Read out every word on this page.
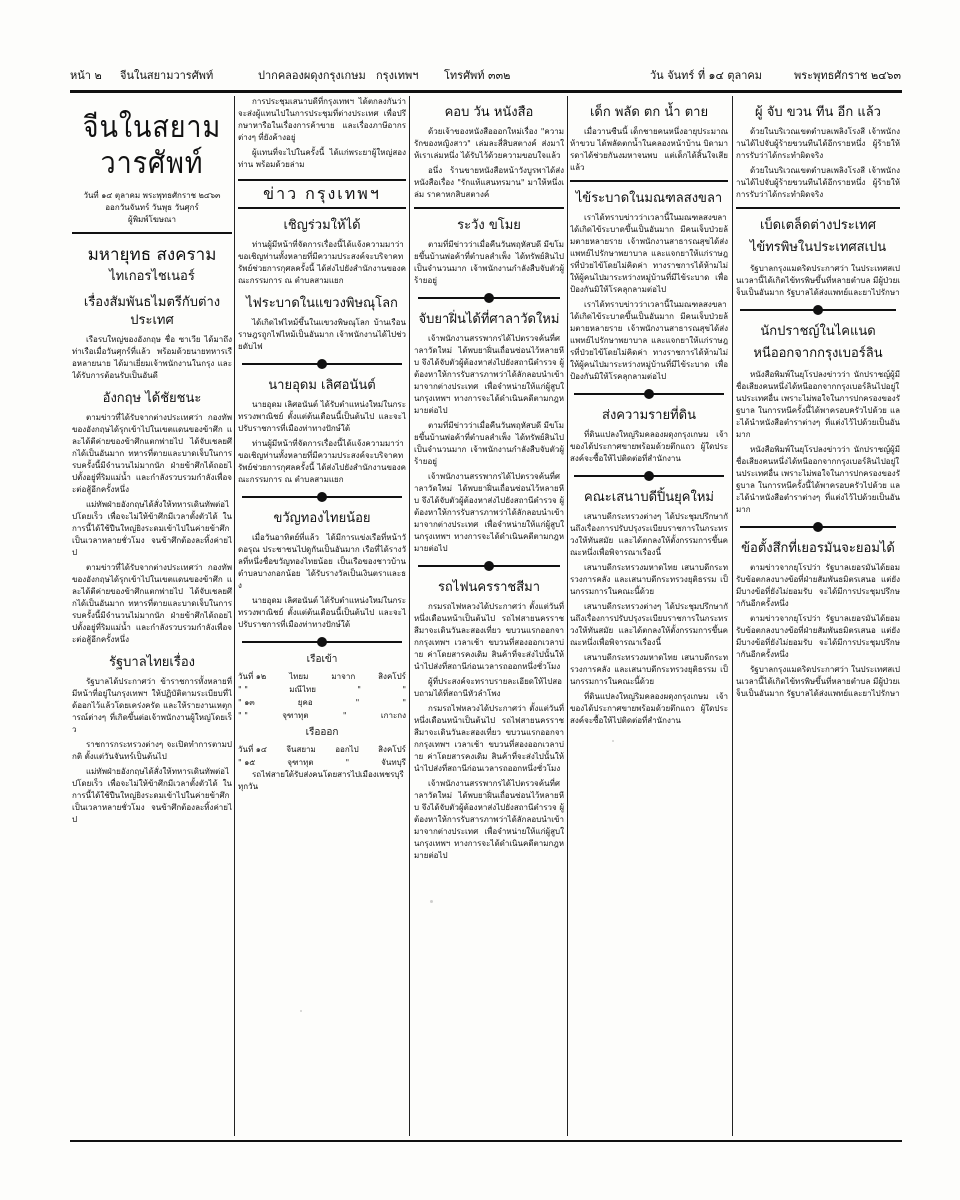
หน้า ๒ จีนในสยามวารศัพท์	ปากคลองผดุงกรุงเกษม กรุงเทพฯ โทรศัพท์ ๓๓๒	วัน จันทร์ ที่ ๑๔ ตุลาคม	พระพุทธศักราช ๒๔๖๓
จีนในสยามวารศัพท์
วันที่ ๑๔ ตุลาคม พระพุทธศักราช ๒๔๖๓
ออกวันจันทร์ วันพุธ วันศุกร์
ผู้พิมพ์โฆษณา
มหายุทธ สงคราม
ไทเกอรไชเนอร์
เรื่องสัมพันธไมตรีกับต่างประเทศ

เรือรบใหญ่ของอังกฤษ ชื่อ ซาเวีย ได้มาถึงท่าเรือเมื่อวันศุกร์ที่แล้ว พร้อมด้วยนายทหารเรือหลายนาย ได้มาเยี่ยมเจ้าพนักงานในกรุง และได้รับการต้อนรับเป็นอันดี

อังกฤษ ได้ชัยชนะ

ตามข่าวที่ได้รับจากต่างประเทศว่า กองทัพของอังกฤษได้รุกเข้าไปในเขตแดนของข้าศึก และได้ตีค่ายของข้าศึกแตกพ่ายไป ได้จับเชลยศึกได้เป็นอันมาก ทหารที่ตายและบาดเจ็บในการรบครั้งนี้มีจำนวนไม่มากนัก ฝ่ายข้าศึกได้ถอยไปตั้งอยู่ที่ริมแม่น้ำ และกำลังรวบรวมกำลังเพื่อจะต่อสู้อีกครั้งหนึ่ง

แม่ทัพฝ่ายอังกฤษได้สั่งให้ทหารเดินทัพต่อไปโดยเร็ว เพื่อจะไม่ให้ข้าศึกมีเวลาตั้งตัวได้ ในการนี้ได้ใช้ปืนใหญ่ยิงระดมเข้าไปในค่ายข้าศึกเป็นเวลาหลายชั่วโมง จนข้าศึกต้องละทิ้งค่ายไป

ตามข่าวที่ได้รับจากต่างประเทศว่า กองทัพของอังกฤษได้รุกเข้าไปในเขตแดนของข้าศึก และได้ตีค่ายของข้าศึกแตกพ่ายไป ได้จับเชลยศึกได้เป็นอันมาก ทหารที่ตายและบาดเจ็บในการรบครั้งนี้มีจำนวนไม่มากนัก ฝ่ายข้าศึกได้ถอยไปตั้งอยู่ที่ริมแม่น้ำ และกำลังรวบรวมกำลังเพื่อจะต่อสู้อีกครั้งหนึ่ง

รัฐบาลไทยเรื่อง

รัฐบาลได้ประกาศว่า ข้าราชการทั้งหลายที่มีหน้าที่อยู่ในกรุงเทพฯ ให้ปฏิบัติตามระเบียบที่ได้ออกไว้แล้วโดยเคร่งครัด และให้รายงานเหตุการณ์ต่างๆ ที่เกิดขึ้นต่อเจ้าพนักงานผู้ใหญ่โดยเร็ว

ราชการกระทรวงต่างๆ จะเปิดทำการตามปกติ ตั้งแต่วันจันทร์เป็นต้นไป

แม่ทัพฝ่ายอังกฤษได้สั่งให้ทหารเดินทัพต่อไปโดยเร็ว เพื่อจะไม่ให้ข้าศึกมีเวลาตั้งตัวได้ ในการนี้ได้ใช้ปืนใหญ่ยิงระดมเข้าไปในค่ายข้าศึกเป็นเวลาหลายชั่วโมง จนข้าศึกต้องละทิ้งค่ายไป

การประชุมเสนาบดีที่กรุงเทพฯ ได้ตกลงกันว่า จะส่งผู้แทนไปในการประชุมที่ต่างประเทศ เพื่อปรึกษาหารือในเรื่องการค้าขาย และเรื่องภาษีอากรต่างๆ ที่ยังค้างอยู่

ผู้แทนที่จะไปในครั้งนี้ ได้แก่พระยาผู้ใหญ่สองท่าน พร้อมด้วยล่าม

ข่าว กรุงเทพฯ
เชิญร่วมให้ได้

ท่านผู้มีหน้าที่จัดการเรื่องนี้ได้แจ้งความมาว่า ขอเชิญท่านทั้งหลายที่มีความประสงค์จะบริจาคทรัพย์ช่วยการกุศลครั้งนี้ ได้ส่งไปยังสำนักงานของคณะกรรมการ ณ ตำบลสามแยก

ไฟระบาดในแขวงพิษณุโลก

ได้เกิดไฟไหม้ขึ้นในแขวงพิษณุโลก บ้านเรือนราษฎรถูกไฟไหม้เป็นอันมาก เจ้าพนักงานได้ไปช่วยดับไฟ

นายอุดม เลิศอนันต์

นายอุดม เลิศอนันต์ ได้รับตำแหน่งใหม่ในกระทรวงพาณิชย์ ตั้งแต่ต้นเดือนนี้เป็นต้นไป และจะไปรับราชการที่เมืองท่าทางปักษ์ใต้

ท่านผู้มีหน้าที่จัดการเรื่องนี้ได้แจ้งความมาว่า ขอเชิญท่านทั้งหลายที่มีความประสงค์จะบริจาคทรัพย์ช่วยการกุศลครั้งนี้ ได้ส่งไปยังสำนักงานของคณะกรรมการ ณ ตำบลสามแยก

ขวัญทองไทยน้อย

เมื่อวันอาทิตย์ที่แล้ว ได้มีการแข่งเรือที่หน้าวัดอรุณ ประชาชนไปดูกันเป็นอันมาก เรือที่ได้รางวัลที่หนึ่งชื่อขวัญทองไทยน้อย เป็นเรือของชาวบ้านตำบลบางกอกน้อย ได้รับรางวัลเป็นเงินตราและธง

นายอุดม เลิศอนันต์ ได้รับตำแหน่งใหม่ในกระทรวงพาณิชย์ ตั้งแต่ต้นเดือนนี้เป็นต้นไป และจะไปรับราชการที่เมืองท่าทางปักษ์ใต้

เรือเข้า
วันที่ ๑๒	ไทยม	มาจาก	สิงคโปร์
" "	มณีไทย	"	"
" ๑๓	ยุคอ	"	"
" "	จุฑาทุต	"	เกาะกง
เรือออก
วันที่ ๑๔ จีนสยาม ออกไป สิงคโปร์
" ๑๕	จุฑาทุต	"	จันทบุรี

รถไฟสายใต้รับส่งคนโดยสารไปเมืองเพชรบุรี ทุกวัน

คอบ วัน หนังสือ

ด้วยเจ้าของหนังสือออกใหม่เรื่อง "ความรักของหญิงสาว" เล่มละสี่สิบสตางค์ ส่งมาให้เราเล่มหนึ่ง ได้รับไว้ด้วยความขอบใจแล้ว

อนึ่ง ร้านขายหนังสือหน้าวังบูรพาได้ส่งหนังสือเรื่อง "รักแท้แสนทรมาน" มาให้หนึ่งเล่ม ราคาหกสิบสตางค์

ระวัง ขโมย

ตามที่มีข่าวว่าเมื่อคืนวันพฤหัสบดี มีขโมยขึ้นบ้านพ่อค้าที่ตำบลสำเพ็ง ได้ทรัพย์สินไปเป็นจำนวนมาก เจ้าพนักงานกำลังสืบจับตัวผู้ร้ายอยู่

จับยาฝิ่นได้ที่ศาลาวัดใหม่

เจ้าพนักงานสรรพากรได้ไปตรวจค้นที่ศาลาวัดใหม่ ได้พบยาฝิ่นเถื่อนซ่อนไว้หลายหีบ จึงได้จับตัวผู้ต้องหาส่งไปยังสถานีตำรวจ ผู้ต้องหาให้การรับสารภาพว่าได้ลักลอบนำเข้ามาจากต่างประเทศ เพื่อจำหน่ายให้แก่ผู้สูบในกรุงเทพฯ ทางการจะได้ดำเนินคดีตามกฎหมายต่อไป

ตามที่มีข่าวว่าเมื่อคืนวันพฤหัสบดี มีขโมยขึ้นบ้านพ่อค้าที่ตำบลสำเพ็ง ได้ทรัพย์สินไปเป็นจำนวนมาก เจ้าพนักงานกำลังสืบจับตัวผู้ร้ายอยู่

เจ้าพนักงานสรรพากรได้ไปตรวจค้นที่ศาลาวัดใหม่ ได้พบยาฝิ่นเถื่อนซ่อนไว้หลายหีบ จึงได้จับตัวผู้ต้องหาส่งไปยังสถานีตำรวจ ผู้ต้องหาให้การรับสารภาพว่าได้ลักลอบนำเข้ามาจากต่างประเทศ เพื่อจำหน่ายให้แก่ผู้สูบในกรุงเทพฯ ทางการจะได้ดำเนินคดีตามกฎหมายต่อไป

รถไฟนครราชสีมา

กรมรถไฟหลวงได้ประกาศว่า ตั้งแต่วันที่หนึ่งเดือนหน้าเป็นต้นไป รถไฟสายนครราชสีมาจะเดินวันละสองเที่ยว ขบวนแรกออกจากกรุงเทพฯ เวลาเช้า ขบวนที่สองออกเวลาบ่าย ค่าโดยสารคงเดิม สินค้าที่จะส่งไปนั้นให้นำไปส่งที่สถานีก่อนเวลารถออกหนึ่งชั่วโมง

ผู้ที่ประสงค์จะทราบรายละเอียดให้ไปสอบถามได้ที่สถานีหัวลำโพง

กรมรถไฟหลวงได้ประกาศว่า ตั้งแต่วันที่หนึ่งเดือนหน้าเป็นต้นไป รถไฟสายนครราชสีมาจะเดินวันละสองเที่ยว ขบวนแรกออกจากกรุงเทพฯ เวลาเช้า ขบวนที่สองออกเวลาบ่าย ค่าโดยสารคงเดิม สินค้าที่จะส่งไปนั้นให้นำไปส่งที่สถานีก่อนเวลารถออกหนึ่งชั่วโมง

เจ้าพนักงานสรรพากรได้ไปตรวจค้นที่ศาลาวัดใหม่ ได้พบยาฝิ่นเถื่อนซ่อนไว้หลายหีบ จึงได้จับตัวผู้ต้องหาส่งไปยังสถานีตำรวจ ผู้ต้องหาให้การรับสารภาพว่าได้ลักลอบนำเข้ามาจากต่างประเทศ เพื่อจำหน่ายให้แก่ผู้สูบในกรุงเทพฯ ทางการจะได้ดำเนินคดีตามกฎหมายต่อไป

เด็ก พลัด ตก น้ำ ตาย

เมื่อวานซืนนี้ เด็กชายคนหนึ่งอายุประมาณห้าขวบ ได้พลัดตกน้ำในคลองหน้าบ้าน บิดามารดาได้ช่วยกันงมหาจนพบ แต่เด็กได้สิ้นใจเสียแล้ว

ไข้ระบาดในมณฑลสงขลา

เราได้ทราบข่าวว่าเวลานี้ในมณฑลสงขลา ได้เกิดไข้ระบาดขึ้นเป็นอันมาก มีคนเจ็บป่วยล้มตายหลายราย เจ้าพนักงานสาธารณสุขได้ส่งแพทย์ไปรักษาพยาบาล และแจกยาให้แก่ราษฎรที่ป่วยไข้โดยไม่คิดค่า ทางราชการได้ห้ามไม่ให้ผู้คนไปมาระหว่างหมู่บ้านที่มีไข้ระบาด เพื่อป้องกันมิให้โรคลุกลามต่อไป

เราได้ทราบข่าวว่าเวลานี้ในมณฑลสงขลา ได้เกิดไข้ระบาดขึ้นเป็นอันมาก มีคนเจ็บป่วยล้มตายหลายราย เจ้าพนักงานสาธารณสุขได้ส่งแพทย์ไปรักษาพยาบาล และแจกยาให้แก่ราษฎรที่ป่วยไข้โดยไม่คิดค่า ทางราชการได้ห้ามไม่ให้ผู้คนไปมาระหว่างหมู่บ้านที่มีไข้ระบาด เพื่อป้องกันมิให้โรคลุกลามต่อไป

ส่งความรายที่ดิน

ที่ดินแปลงใหญ่ริมคลองผดุงกรุงเกษม เจ้าของได้ประกาศขายพร้อมด้วยตึกแถว ผู้ใดประสงค์จะซื้อให้ไปติดต่อที่สำนักงาน

คณะเสนาบดีปิ้นยุคใหม่

เสนาบดีกระทรวงต่างๆ ได้ประชุมปรึกษากันถึงเรื่องการปรับปรุงระเบียบราชการในกระทรวงให้ทันสมัย และได้ตกลงให้ตั้งกรรมการขึ้นคณะหนึ่งเพื่อพิจารณาเรื่องนี้

เสนาบดีกระทรวงมหาดไทย เสนาบดีกระทรวงการคลัง และเสนาบดีกระทรวงยุติธรรม เป็นกรรมการในคณะนี้ด้วย

เสนาบดีกระทรวงต่างๆ ได้ประชุมปรึกษากันถึงเรื่องการปรับปรุงระเบียบราชการในกระทรวงให้ทันสมัย และได้ตกลงให้ตั้งกรรมการขึ้นคณะหนึ่งเพื่อพิจารณาเรื่องนี้

เสนาบดีกระทรวงมหาดไทย เสนาบดีกระทรวงการคลัง และเสนาบดีกระทรวงยุติธรรม เป็นกรรมการในคณะนี้ด้วย

ที่ดินแปลงใหญ่ริมคลองผดุงกรุงเกษม เจ้าของได้ประกาศขายพร้อมด้วยตึกแถว ผู้ใดประสงค์จะซื้อให้ไปติดต่อที่สำนักงาน

ผู้ จับ ขวน ทีน อีก แล้ว

ด้วยในบริเวณเขตตำบลเพลิงโรงสี เจ้าพนักงานได้ไปจับผู้ร้ายขวนทีนได้อีกรายหนึ่ง ผู้ร้ายให้การรับว่าได้กระทำผิดจริง

ด้วยในบริเวณเขตตำบลเพลิงโรงสี เจ้าพนักงานได้ไปจับผู้ร้ายขวนทีนได้อีกรายหนึ่ง ผู้ร้ายให้การรับว่าได้กระทำผิดจริง

เบ็ดเตล็ดต่างประเทศ
ไข้ทรพิษในประเทศสเปน

รัฐบาลกรุงแมดริดประกาศว่า ในประเทศสเปนเวลานี้ได้เกิดไข้ทรพิษขึ้นที่หลายตำบล มีผู้ป่วยเจ็บเป็นอันมาก รัฐบาลได้ส่งแพทย์และยาไปรักษา

นักปราชญ์ในไคแนด
หนีออกจากกรุงเบอร์ลิน

หนังสือพิมพ์ในยุโรปลงข่าวว่า นักปราชญ์ผู้มีชื่อเสียงคนหนึ่งได้หนีออกจากกรุงเบอร์ลินไปอยู่ในประเทศอื่น เพราะไม่พอใจในการปกครองของรัฐบาล ในการหนีครั้งนี้ได้พาครอบครัวไปด้วย และได้นำหนังสือตำราต่างๆ ที่แต่งไว้ไปด้วยเป็นอันมาก

หนังสือพิมพ์ในยุโรปลงข่าวว่า นักปราชญ์ผู้มีชื่อเสียงคนหนึ่งได้หนีออกจากกรุงเบอร์ลินไปอยู่ในประเทศอื่น เพราะไม่พอใจในการปกครองของรัฐบาล ในการหนีครั้งนี้ได้พาครอบครัวไปด้วย และได้นำหนังสือตำราต่างๆ ที่แต่งไว้ไปด้วยเป็นอันมาก

ข้อตั้งสึกที่เยอรมันจะยอมได้

ตามข่าวจากยุโรปว่า รัฐบาลเยอรมันได้ยอมรับข้อตกลงบางข้อที่ฝ่ายสัมพันธมิตรเสนอ แต่ยังมีบางข้อที่ยังไม่ยอมรับ จะได้มีการประชุมปรึกษากันอีกครั้งหนึ่ง

ตามข่าวจากยุโรปว่า รัฐบาลเยอรมันได้ยอมรับข้อตกลงบางข้อที่ฝ่ายสัมพันธมิตรเสนอ แต่ยังมีบางข้อที่ยังไม่ยอมรับ จะได้มีการประชุมปรึกษากันอีกครั้งหนึ่ง

รัฐบาลกรุงแมดริดประกาศว่า ในประเทศสเปนเวลานี้ได้เกิดไข้ทรพิษขึ้นที่หลายตำบล มีผู้ป่วยเจ็บเป็นอันมาก รัฐบาลได้ส่งแพทย์และยาไปรักษา
